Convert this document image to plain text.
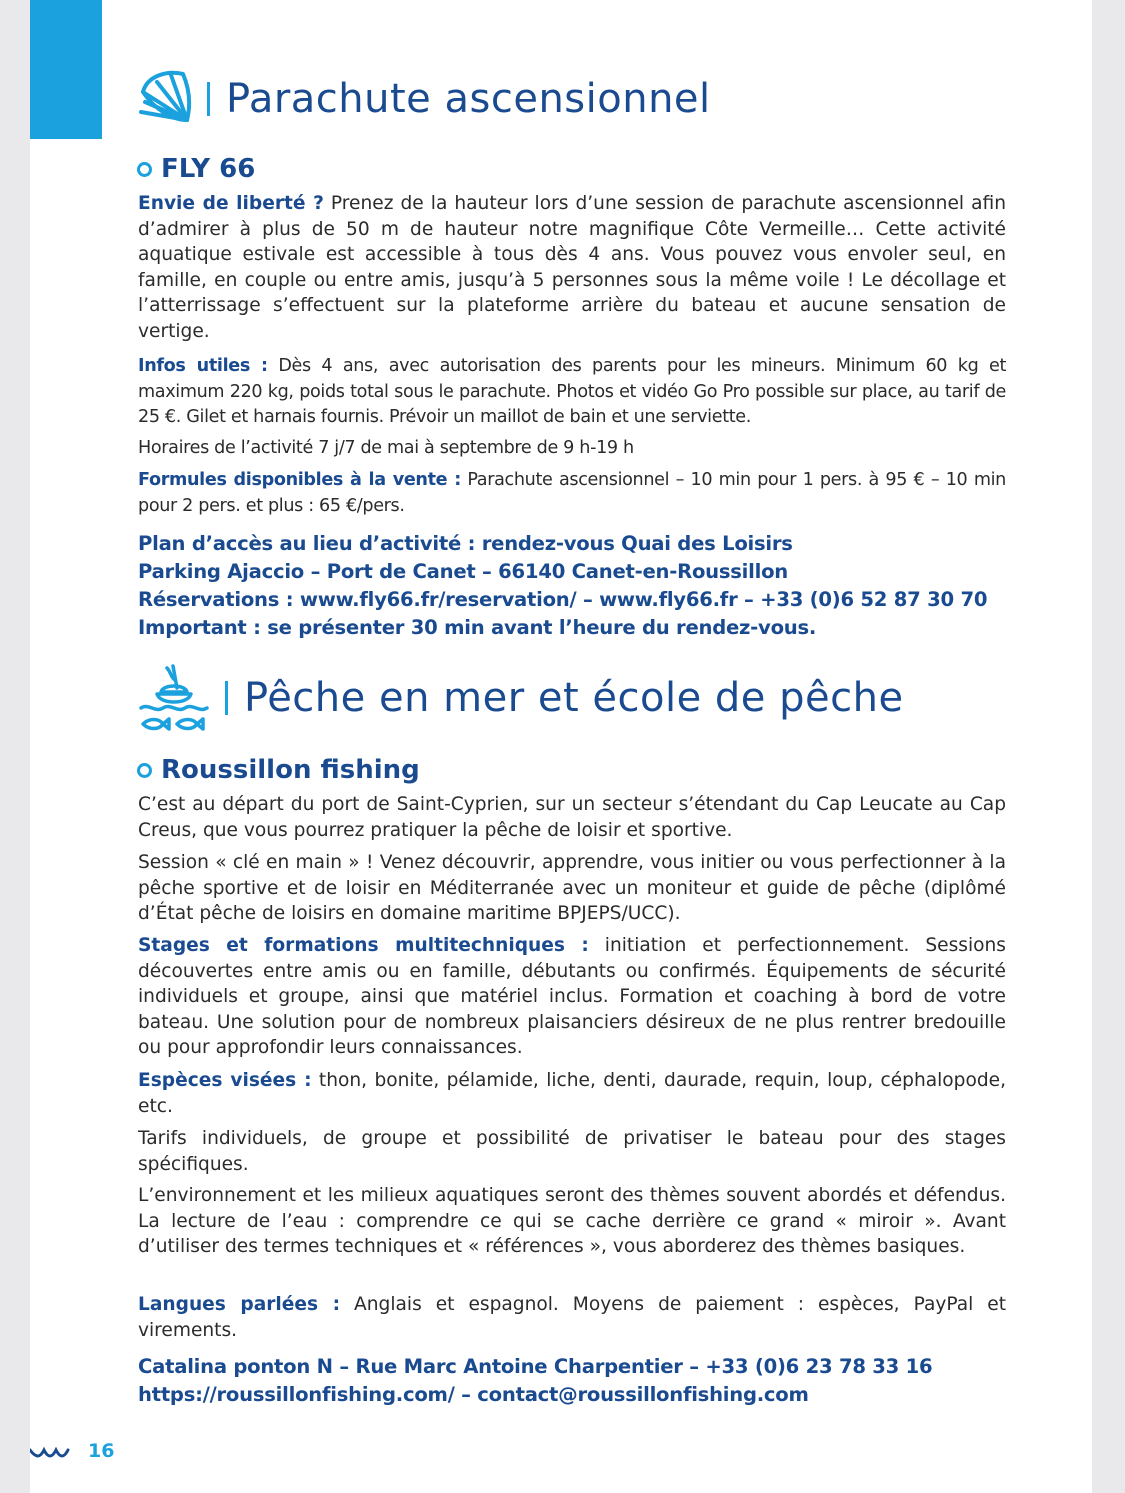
Parachute ascensionnel
FLY 66

Envie de liberté ? Prenez de la hauteur lors d’une session de parachute ascensionnel afin d’admirer à plus de 50 m de hauteur notre magnifique Côte Vermeille… Cette activité aquatique estivale est accessible à tous dès 4 ans. Vous pouvez vous envoler seul, en famille, en couple ou entre amis, jusqu’à 5 personnes sous la même voile ! Le décollage et l’atterrissage s’effectuent sur la plateforme arrière du bateau et aucune sensation de vertige.

Infos utiles : Dès 4 ans, avec autorisation des parents pour les mineurs. Minimum 60 kg et maximum 220 kg, poids total sous le parachute. Photos et vidéo Go Pro possible sur place, au tarif de 25 €. Gilet et harnais fournis. Prévoir un maillot de bain et une serviette.

Horaires de l’activité 7 j/7 de mai à septembre de 9 h-19 h

Formules disponibles à la vente : Parachute ascensionnel – 10 min pour 1 pers. à 95 € – 10 min pour 2 pers. et plus : 65 €/pers.

Plan d’accès au lieu d’activité : rendez-vous Quai des Loisirs
Parking Ajaccio – Port de Canet – 66140 Canet-en-Roussillon
Réservations : www.fly66.fr/reservation/ – www.fly66.fr – +33 (0)6 52 87 30 70
Important : se présenter 30 min avant l’heure du rendez-vous.
Pêche en mer et école de pêche
Roussillon fishing

C’est au départ du port de Saint-Cyprien, sur un secteur s’étendant du Cap Leucate au Cap Creus, que vous pourrez pratiquer la pêche de loisir et sportive.

Session « clé en main » ! Venez découvrir, apprendre, vous initier ou vous perfectionner à la pêche sportive et de loisir en Méditerranée avec un moniteur et guide de pêche (diplômé d’État pêche de loisirs en domaine maritime BPJEPS/UCC).

Stages et formations multitechniques : initiation et perfectionnement. Sessions découvertes entre amis ou en famille, débutants ou confirmés. Équipements de sécurité individuels et groupe, ainsi que matériel inclus. Formation et coaching à bord de votre bateau. Une solution pour de nombreux plaisanciers désireux de ne plus rentrer bredouille ou pour approfondir leurs connaissances.

Espèces visées : thon, bonite, pélamide, liche, denti, daurade, requin, loup, céphalopode, etc.

Tarifs individuels, de groupe et possibilité de privatiser le bateau pour des stages spécifiques.

L’environnement et les milieux aquatiques seront des thèmes souvent abordés et défendus. La lecture de l’eau : comprendre ce qui se cache derrière ce grand « miroir ». Avant d’utiliser des termes techniques et « références », vous aborderez des thèmes basiques.

Langues parlées : Anglais et espagnol. Moyens de paiement : espèces, PayPal et virements.

Catalina ponton N – Rue Marc Antoine Charpentier – +33 (0)6 23 78 33 16
https://roussillonfishing.com/ – contact@roussillonfishing.com
16
